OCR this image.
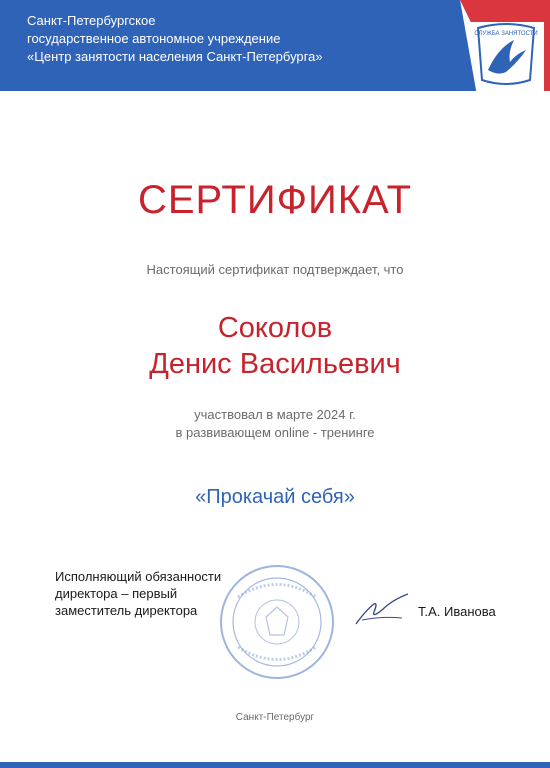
Санкт-Петербургское
государственное автономное учреждение
«Центр занятости населения Санкт-Петербурга»
СЛУЖБА ЗАНЯТОСТИ
СЕРТИФИКАТ
Настоящий сертификат подтверждает, что
Соколов
Денис Васильевич
участвовал в марте 2024 г.
в развивающем online - тренинге
«Прокачай себя»
Исполняющий обязанности
директора – первый
заместитель директора	Т.А. Иванова
Санкт-Петербург
